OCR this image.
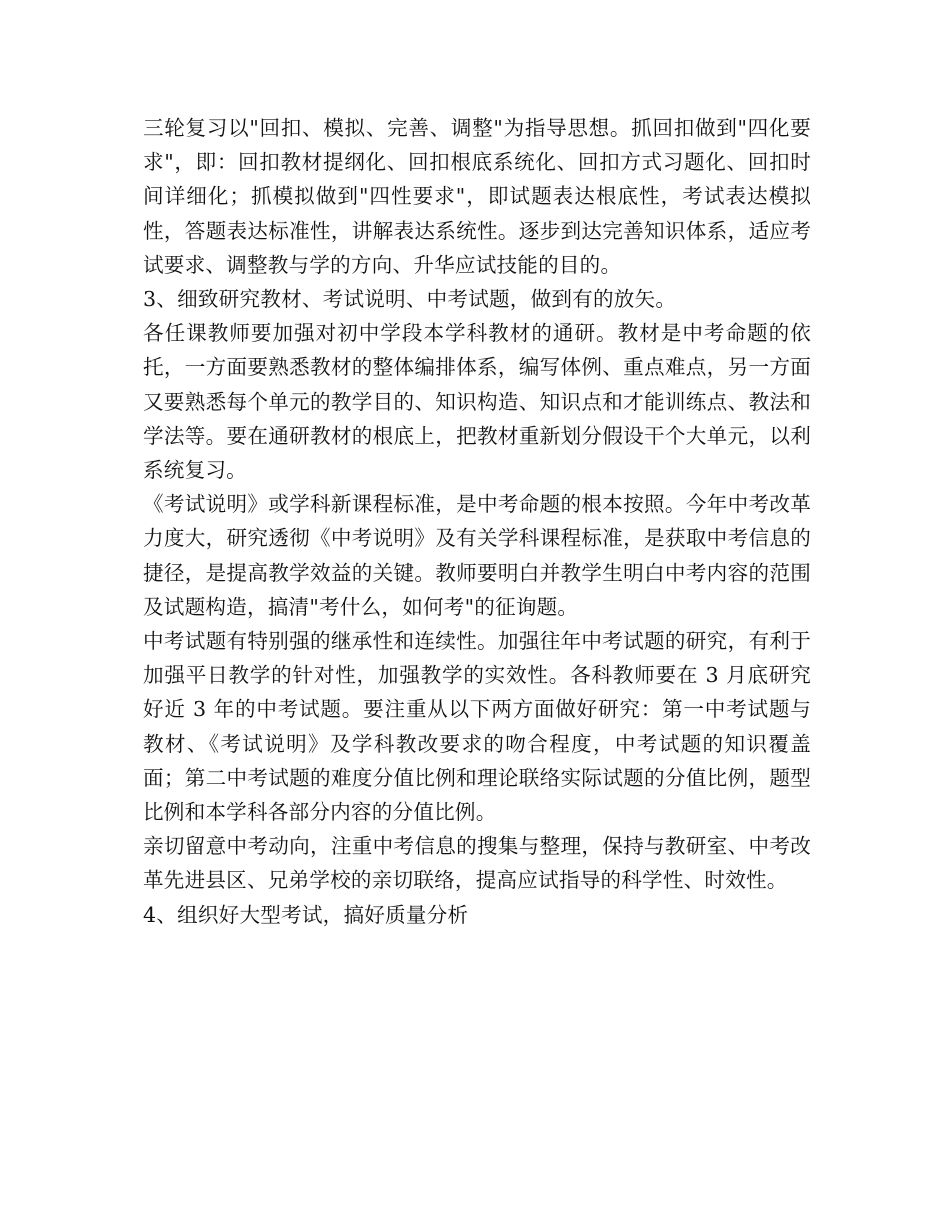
三轮复习以"回扣、模拟、完善、调整"为指导思想。抓回扣做到"四化要求"，即：回扣教材提纲化、回扣根底系统化、回扣方式习题化、回扣时间详细化；抓模拟做到"四性要求"，即试题表达根底性，考试表达模拟性，答题表达标准性，讲解表达系统性。逐步到达完善知识体系，适应考试要求、调整教与学的方向、升华应试技能的目的。

3、细致研究教材、考试说明、中考试题，做到有的放矢。

各任课教师要加强对初中学段本学科教材的通研。教材是中考命题的依托，一方面要熟悉教材的整体编排体系，编写体例、重点难点，另一方面又要熟悉每个单元的教学目的、知识构造、知识点和才能训练点、教法和学法等。要在通研教材的根底上，把教材重新划分假设干个大单元，以利系统复习。

《考试说明》或学科新课程标准，是中考命题的根本按照。今年中考改革力度大，研究透彻《中考说明》及有关学科课程标准，是获取中考信息的捷径，是提高教学效益的关键。教师要明白并教学生明白中考内容的范围及试题构造，搞清"考什么，如何考"的征询题。

中考试题有特别强的继承性和连续性。加强往年中考试题的研究，有利于加强平日教学的针对性，加强教学的实效性。各科教师要在 3 月底研究好近 3 年的中考试题。要注重从以下两方面做好研究：第一中考试题与教材、《考试说明》及学科教改要求的吻合程度，中考试题的知识覆盖面；第二中考试题的难度分值比例和理论联络实际试题的分值比例，题型比例和本学科各部分内容的分值比例。

亲切留意中考动向，注重中考信息的搜集与整理，保持与教研室、中考改革先进县区、兄弟学校的亲切联络，提高应试指导的科学性、时效性。

4、组织好大型考试，搞好质量分析
